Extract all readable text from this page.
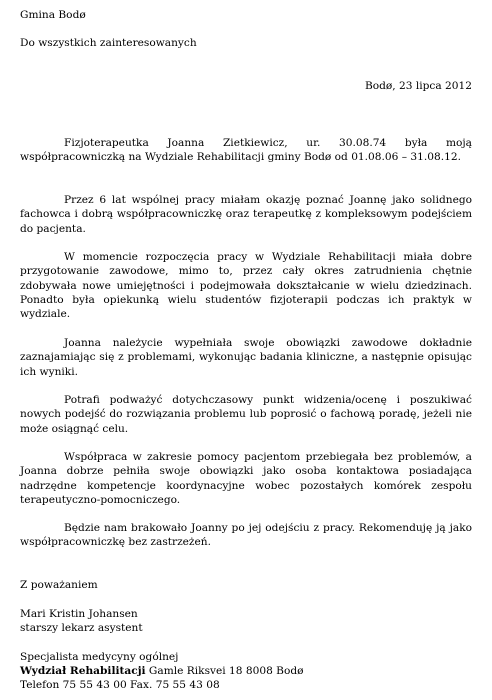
Gmina Bodø

Do wszystkich zainteresowanych

Bodø, 23 lipca 2012

Fizjoterapeutka Joanna Zietkiewicz, ur. 30.08.74 była moją współpracowniczką na Wydziale Rehabilitacji gminy Bodø od 01.08.06 – 31.08.12.

Przez 6 lat wspólnej pracy miałam okazję poznać Joannę jako solidnego fachowca i dobrą współpracowniczkę oraz terapeutkę z kompleksowym podejściem do pacjenta.

W momencie rozpoczęcia pracy w Wydziale Rehabilitacji miała dobre przygotowanie zawodowe, mimo to, przez cały okres zatrudnienia chętnie zdobywała nowe umiejętności i podejmowała dokształcanie w wielu dziedzinach. Ponadto była opiekunką wielu studentów fizjoterapii podczas ich praktyk w wydziale.

Joanna należycie wypełniała swoje obowiązki zawodowe dokładnie zaznajamiając się z problemami, wykonując badania kliniczne, a następnie opisując ich wyniki.

Potrafi podważyć dotychczasowy punkt widzenia/ocenę i poszukiwać nowych podejść do rozwiązania problemu lub poprosić o fachową poradę, jeżeli nie może osiągnąć celu.

Współpraca w zakresie pomocy pacjentom przebiegała bez problemów, a Joanna dobrze pełniła swoje obowiązki jako osoba kontaktowa posiadająca nadrzędne kompetencje koordynacyjne wobec pozostałych komórek zespołu terapeutyczno-pomocniczego.

Będzie nam brakowało Joanny po jej odejściu z pracy. Rekomenduję ją jako współpracowniczkę bez zastrzeżeń.

Z poważaniem

Mari Kristin Johansen

starszy lekarz asystent

Specjalista medycyny ogólnej

Wydział Rehabilitacji Gamle Riksvei 18 8008 Bodø

Telefon 75 55 43 00 Fax. 75 55 43 08
